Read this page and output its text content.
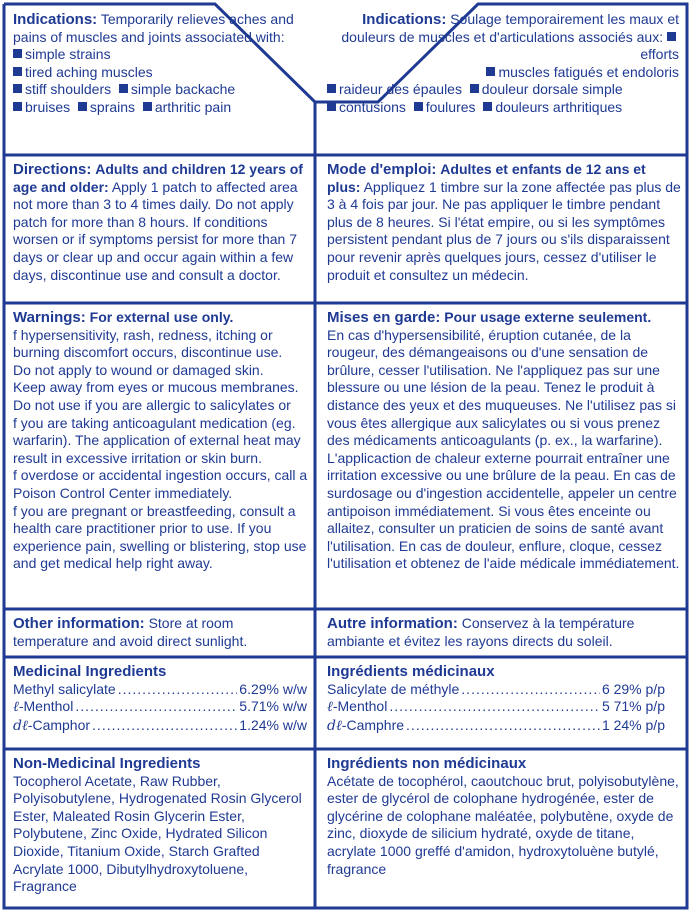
Indications: Temporarily relieves aches and pains of muscles and joints associated with: simple strains

tired aching muscles

stiff shoulders simple backache

bruises sprains arthritic pain

Indications: Soulage temporairement les maux et douleurs de muscles et d'articulations associés aux: efforts

muscles fatigués et endoloris

raideur des épaules douleur dorsale simple

contusions foulures douleurs arthritiques

Directions: Adults and children 12 years of age and older: Apply 1 patch to affected area not more than 3 to 4 times daily. Do not apply patch for more than 8 hours. If conditions worsen or if symptoms persist for more than 7 days or clear up and occur again within a few days, discontinue use and consult a doctor.

Mode d'emploi: Adultes et enfants de 12 ans et plus: Appliquez 1 timbre sur la zone affectée pas plus de 3 à 4 fois par jour. Ne pas appliquer le timbre pendant plus de 8 heures. Si l'état empire, ou si les symptômes persistent pendant plus de 7 jours ou s'ils disparaissent pour revenir après quelques jours, cessez d'utiliser le produit et consultez un médecin.

Warnings: For external use only.

f hypersensitivity, rash, redness, itching or burning discomfort occurs, discontinue use.

Do not apply to wound or damaged skin.

Keep away from eyes or mucous membranes.

Do not use if you are allergic to salicylates or

f you are taking anticoagulant medication (eg. warfarin). The application of external heat may result in excessive irritation or skin burn.

f overdose or accidental ingestion occurs, call a Poison Control Center immediately.

f you are pregnant or breastfeeding, consult a health care practitioner prior to use. If you experience pain, swelling or blistering, stop use and get medical help right away.

Mises en garde: Pour usage externe seulement.

En cas d'hypersensibilité, éruption cutanée, de la rougeur, des démangeaisons ou d'une sensation de brûlure, cesser l'utilisation. Ne l'appliquez pas sur une blessure ou une lésion de la peau. Tenez le produit à distance des yeux et des muqueuses. Ne l'utilisez pas si vous êtes allergique aux salicylates ou si vous prenez des médicaments anticoagulants (p. ex., la warfarine). L'applicaction de chaleur externe pourrait entraîner une irritation excessive ou une brûlure de la peau. En cas de surdosage ou d'ingestion accidentelle, appeler un centre antipoison immédiatement. Si vous êtes enceinte ou allaitez, consulter un praticien de soins de santé avant l'utilisation. En cas de douleur, enflure, cloque, cessez l'utilisation et obtenez de l'aide médicale immédiatement.

Other information: Store at room temperature and avoid direct sunlight.

Autre information: Conservez à la température ambiante et évitez les rayons directs du soleil.

Medicinal Ingredients

Methyl salicylate .....	6.29% w/w
ℓ-Menthol .....	5.71% w/w
dℓ-Camphor .....	1.24% w/w

Ingrédients médicinaux

Salicylate de méthyle .....	6 29% p/p
ℓ-Menthol .....	5 71% p/p
dℓ-Camphre .....	1 24% p/p

Non-Medicinal Ingredients

Tocopherol Acetate, Raw Rubber, Polyisobutylene, Hydrogenated Rosin Glycerol Ester, Maleated Rosin Glycerin Ester, Polybutene, Zinc Oxide, Hydrated Silicon Dioxide, Titanium Oxide, Starch Grafted Acrylate 1000, Dibutylhydroxytoluene, Fragrance

Ingrédients non médicinaux

Acétate de tocophérol, caoutchouc brut, polyisobutylène, ester de glycérol de colophane hydrogénée, ester de glycérine de colophane maléatée, polybutène, oxyde de zinc, dioxyde de silicium hydraté, oxyde de titane, acrylate 1000 greffé d'amidon, hydroxytoluène butylé, fragrance
